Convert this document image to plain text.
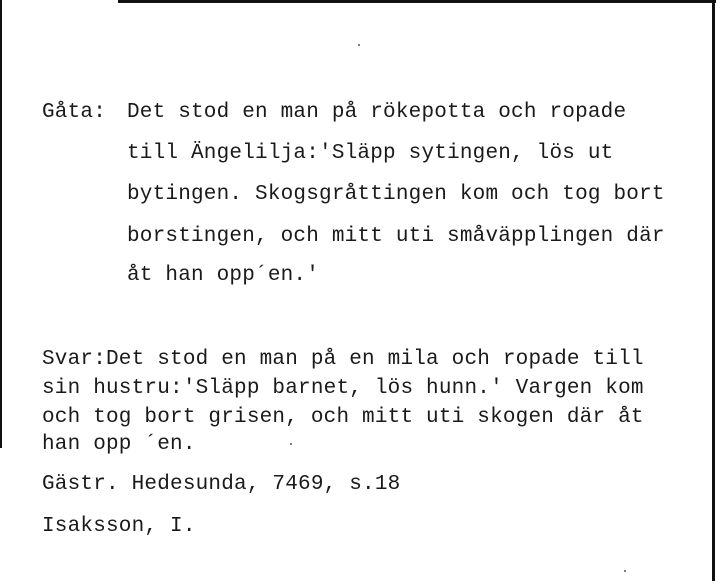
Gåta: Det stod en man på rökepotta och ropade
till Ängelilja:'Släpp sytingen, lös ut
bytingen. Skogsgråttingen kom och tog bort
borstingen, och mitt uti småväpplingen där
åt han opp´en.'
Svar:Det stod en man på en mila och ropade till
sin hustru:'Släpp barnet, lös hunn.' Vargen kom
och tog bort grisen, och mitt uti skogen där åt
han opp ´en.
Gästr. Hedesunda, 7469, s.18
Isaksson, I.
